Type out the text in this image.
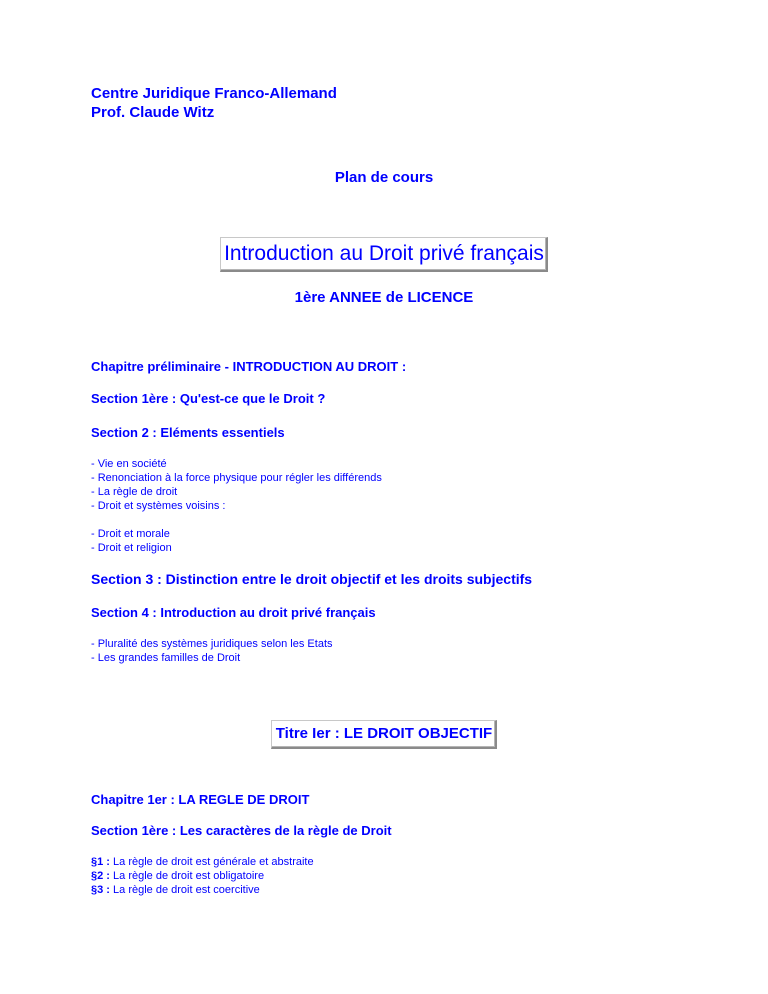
Centre Juridique Franco-Allemand
Prof. Claude Witz
Plan de cours
Introduction au Droit privé français
1ère ANNEE de LICENCE
Chapitre préliminaire - INTRODUCTION AU DROIT :
Section 1ère : Qu'est-ce que le Droit ?
Section 2 : Eléments essentiels
- Vie en société
- Renonciation à la force physique pour régler les différends
- La règle de droit
- Droit et systèmes voisins :
- Droit et morale
- Droit et religion
Section 3 : Distinction entre le droit objectif et les droits subjectifs
Section 4 : Introduction au droit privé français
- Pluralité des systèmes juridiques selon les Etats
- Les grandes familles de Droit
Titre Ier : LE DROIT OBJECTIF
Chapitre 1er : LA REGLE DE DROIT
Section 1ère : Les caractères de la règle de Droit
§1 : La règle de droit est générale et abstraite
§2 : La règle de droit est obligatoire
§3 : La règle de droit est coercitive
